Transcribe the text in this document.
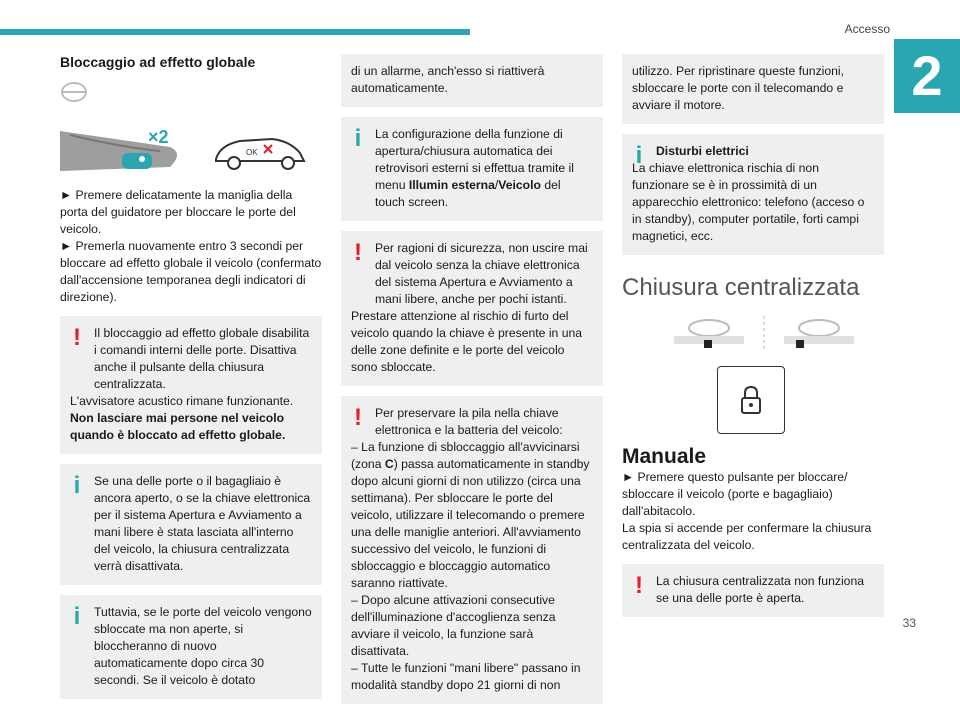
Accesso
2
Bloccaggio ad effetto globale
×2
OK

► Premere delicatamente la maniglia della porta del guidatore per bloccare le porte del veicolo.

► Premerla nuovamente entro 3 secondi per bloccare ad effetto globale il veicolo (confermato dall'accensione temporanea degli indicatori di direzione).

!	Il bloccaggio ad effetto globale disabilita i comandi interni delle porte. Disattiva anche il pulsante della chiusura centralizzata.
L'avvisatore acustico rimane funzionante.
Non lasciare mai persone nel veicolo quando è bloccato ad effetto globale.
i	Se una delle porte o il bagagliaio è ancora aperto, o se la chiave elettronica per il sistema Apertura e Avviamento a mani libere è stata lasciata all'interno del veicolo, la chiusura centralizzata verrà disattivata.
i	Tuttavia, se le porte del veicolo vengono sbloccate ma non aperte, si bloccheranno di nuovo automaticamente dopo circa 30 secondi. Se il veicolo è dotato
di un allarme, anch'esso si riattiverà automaticamente.
i	La configurazione della funzione di apertura/chiusura automatica dei retrovisori esterni si effettua tramite il menu Illumin esterna/Veicolo del touch screen.
!	Per ragioni di sicurezza, non uscire mai dal veicolo senza la chiave elettronica del sistema Apertura e Avviamento a mani libere, anche per pochi istanti.
Prestare attenzione al rischio di furto del veicolo quando la chiave è presente in una delle zone definite e le porte del veicolo sono sbloccate.
!	Per preservare la pila nella chiave elettronica e la batteria del veicolo:
– La funzione di sbloccaggio all'avvicinarsi (zona C) passa automaticamente in standby dopo alcuni giorni di non utilizzo (circa una settimana). Per sbloccare le porte del veicolo, utilizzare il telecomando o premere una delle maniglie anteriori. All'avviamento successivo del veicolo, le funzioni di sbloccaggio e bloccaggio automatico saranno riattivate.
– Dopo alcune attivazioni consecutive dell'illuminazione d'accoglienza senza avviare il veicolo, la funzione sarà disattivata.
– Tutte le funzioni "mani libere" passano in modalità standby dopo 21 giorni di non
utilizzo. Per ripristinare queste funzioni, sbloccare le porte con il telecomando e avviare il motore.
i	Disturbi elettrici
La chiave elettronica rischia di non funzionare se è in prossimità di un apparecchio elettronico: telefono (acceso o in standby), computer portatile, forti campi magnetici, ecc.
Chiusura centralizzata
Manuale

► Premere questo pulsante per bloccare/ sbloccare il veicolo (porte e bagagliaio) dall'abitacolo.

La spia si accende per confermare la chiusura centralizzata del veicolo.

!	La chiusura centralizzata non funziona se una delle porte è aperta.
33
